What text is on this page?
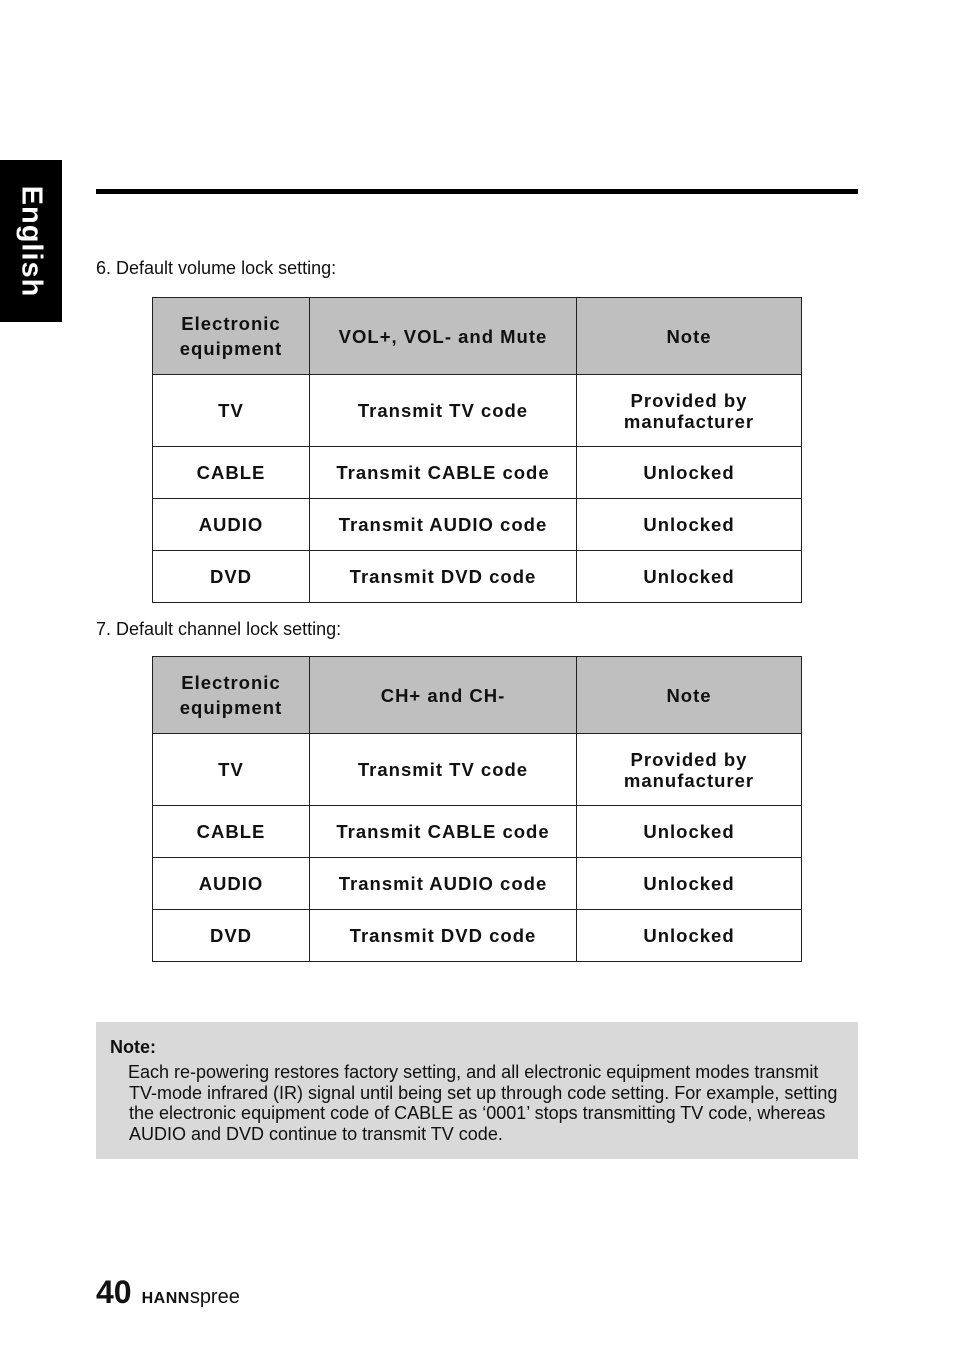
English	6. Default volume lock setting:
Electronic equipment	VOL+, VOL- and Mute	Note
TV	Transmit TV code	Provided by manufacturer
CABLE	Transmit CABLE code	Unlocked
AUDIO	Transmit AUDIO code	Unlocked
DVD	Transmit DVD code	Unlocked
7. Default channel lock setting:
Electronic equipment	CH+ and CH-	Note
TV	Transmit TV code	Provided by manufacturer
CABLE	Transmit CABLE code	Unlocked
AUDIO	Transmit AUDIO code	Unlocked
DVD	Transmit DVD code	Unlocked
Note:
Each re-powering restores factory setting, and all electronic equipment modes transmit TV-mode infrared (IR) signal until being set up through code setting. For example, setting the electronic equipment code of CABLE as ‘0001’ stops transmitting TV code, whereas AUDIO and DVD continue to transmit TV code.
40 HANNspree
